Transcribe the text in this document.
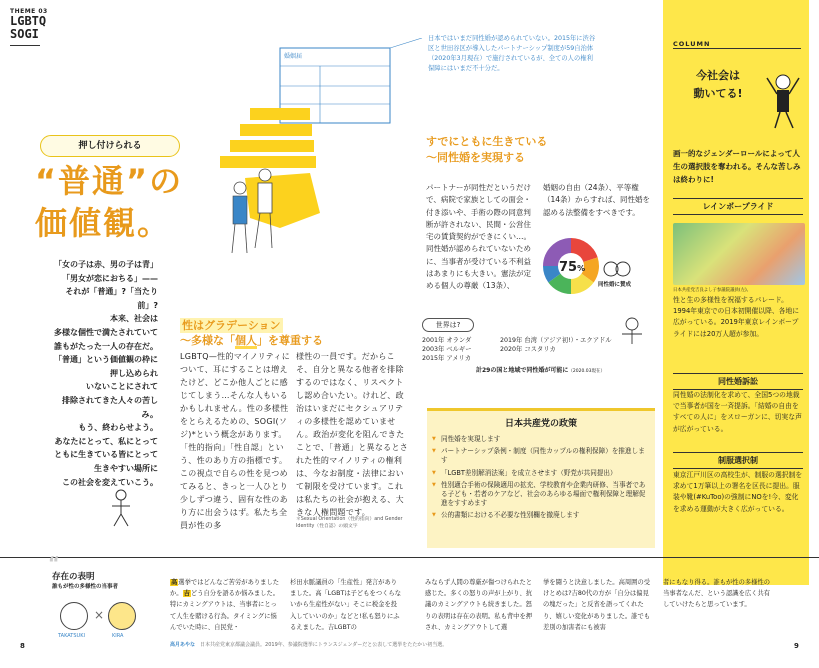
THEME 03
LGBTQ
SOGI
婚姻届
日本ではいまだ同性婚が認められていない。2015年に渋谷区と世田谷区が導入したパートナーシップ制度が59自治体（2020年3月現在）で施行されているが、全ての人の権利保障にはいまだ不十分だ。
押し付けられる
“普通”の
価値観。
「女の子は赤、男の子は青」
「男女が恋におちる」——
それが「普通」?「当たり前」?
本来、社会は
多様な個性で満たされていて
誰もがたった一人の存在だ。
「普通」という価値観の枠に
押し込められ
いないことにされて
排除されてきた人々の苦しみ。
もう、終わらせよう。
あなたにとって、私にとって
ともに生きている皆にとって
生きやすい場所に
この社会を変えていこう。
性はグラデーション
〜多様な「個人」を尊重する
LGBTQ—性的マイノリティについて、耳にすることは増えたけど、どこか他人ごとに感じてしまう…そんな人もいるかもしれません。性の多様性をとらえるための、SOGI(ソジ)*という概念があります。「性的指向」「性自認」という、性のあり方の指標です。この視点で自らの性を見つめてみると、きっと一人ひとり少しずつ違う、固有な性のあり方に出会うはず。私たち全員が性の多
様性の一員です。だからこそ、自分と異なる他者を排除するのではなく、リスペクトし認め合いたい。けれど、政治はいまだにセクシュアリティの多様性を認めていません。政治が変化を阻んできたことで、「普通」と異なるとされた性的マイノリティの権利は、今なお制度・法律において制限を受けています。これは私たちの社会が抱える、大きな人権問題です。
＊Sexual Orientation（性的指向）and Gender Identity（性自認）の頭文字
すでにともに生きている
〜同性婚を実現する
パートナーが同性だというだけで、病院で家族としての面会・付き添いや、手術の際の同意判断が許されない、民間・公営住宅の賃貸契約ができにくい…。同性婚が認められていないために、当事者が受けている不利益はあまりにも大きい。憲法が定める個人の尊厳（13条）、
婚姻の自由（24条）、平等権（14条）からすれば、同性婚を認める法整備をすべきです。
75%
同性婚に賛成
世界は?
2001年 オランダ
2003年 ベルギー
2015年 アメリカ
2019年 台湾（アジア初!）・エクアドル
2020年 コスタリカ
計29の国と地域で同性婚が可能に（2020.03現在）
日本共産党の政策
▼ 同性婚を実現します
▼ パートナーシップ条例・制度（同性カップルの権利保障）を推進します
▼ 「LGBT差別解消法案」を成立させます（野党が共同提出）
▼ 性別適合手術の保険適用の拡充、学校教育や企業内研修、当事者である子ども・若者のケアなど、社会のあらゆる場面で権利保障と理解促進をすすめます
▼ 公的書類における不必要な性別欄を撤廃します
COLUMN
今社会は
動いてる!
画一的なジェンダーロールによって人生の選択肢を奪われる。そんな苦しみは終わりに!
レインボープライド
日本共産党吉良よし子参議院議員(左)。
性と生の多様性を祝福するパレード。1994年東京での日本初開催以降、各地に広がっている。2019年東京レインボープライドには20万人超が参加。
同性婚訴訟
同性婚の法制化を求めて、全国5つの地裁で当事者が国を一斉提訴。「結婚の自由をすべての人に」をスローガンに、切実な声が広がっている。
制服選択制
東京江戸川区の高校生が、制服の選択制を求めて1万筆以上の署名を区長に提出。服装や靴(#KuToo)の強制にNOを!今、変化を求める運動が大きく広がっている。
“
存在の表明
誰もが性の多様性の当事者
×
TAKATSUKI	KIRA
高選挙ではどんなご苦労がありましたか。吉どう自分を語るか悩みました。特にカミングアウトは、当事者にとって人生を賭ける行為。タイミングに悩んでいた時に、自民党・
杉田水脈議員の「生産性」発言がありました。高「LGBTは子どもをつくらないから生産性がない」そこに税金を投入していいのか」などと!私も怒りにふるえました。吉LGBTの
みならず人間の尊厳が傷つけられたと感じた。多くの怒りの声が上がり、抗議のカミングアウトも続きました。怒りの表明は存在の表明。私も背中を押され、カミングアウトして選
挙を闘うと決意しました。高周囲の受けとめは?吉80代の方が「自分は偏見の塊だった」と反省を語ってくれたり、嬉しい変化がありました。誰でも差別の加害者にも被害
者にもなり得る。誰もが性の多様性の当事者なんだ、という認識を広く共有していけたらと思っています。
高月あやな　 日本共産党東京都議会議員。2019年、参議院選挙にトランスジェンダーだと公表して選挙をたたかい初当選。
8	9
